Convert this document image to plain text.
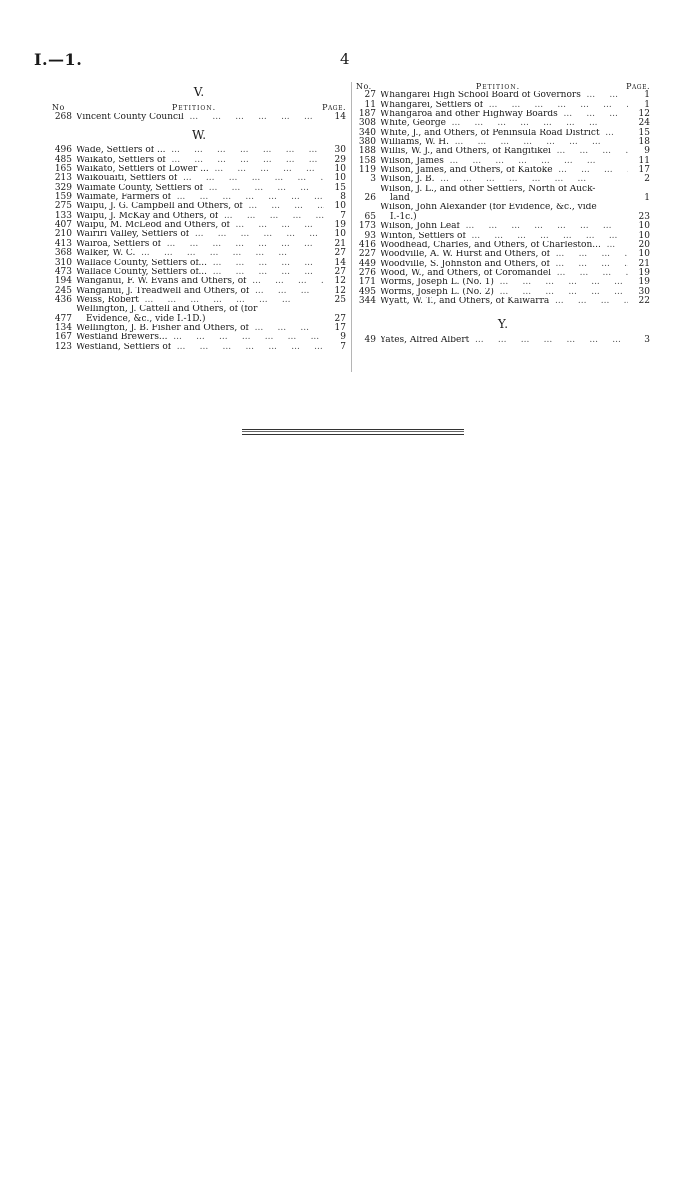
I.—1.	4
V.
No	Petition.	Page.
268 Vincent County Council ...	14
W.
496 Wade, Settlers of ... ...	30
485 Waikato, Settlers of ...	29
165 Waikato, Settlers of Lower ... ...	10
213 Waikouaiti, Settlers of ...	10
329 Waimate County, Settlers of ...	15
159 Waimate, Farmers of ...	8
275 Waipu, J. G. Campbell and Others, of ...	10
133 Waipu, J. McKay and Others, of ...	7
407 Waipu, M. McLeod and Others, of ...	19
210 Wairiri Valley, Settlers of ...	10
413 Wairoa, Settlers of ...	21
368 Walker, W. C. ...	27
310 Wallace County, Settlers of... ...	14
473 Wallace County, Settlers of... ...	27
194 Wanganui, F. W. Evans and Others, of ...	12
245 Wanganui, J. Treadwell and Others, of ...	12
436 Weiss, Robert ...	25
477
Wellington, J. Cattell and Others, of (for
Evidence, &c., vide I.-1D.)	27
134 Wellington, J. B. Fisher and Others, of ...	17
167 Westland Brewers... ...	9
123 Westland, Settlers of ...	7
No.	Petition.	Page.
27 Whangarei High School Board of Governors ...	1
11 Whangarei, Settlers of ...	1
187 Whangaroa and other Highway Boards ...	12
308 White, George ...	24
340 White, J., and Others, of Peninsula Road District ...	15
380 Williams, W. H. ...	18
188 Willis, W. J., and Others, of Rangitikei ...	9
158 Wilson, James ...	11
119 Wilson, James, and Others, of Kaitoke ...	17
3 Wilson, J. B. ...	2
26
Wilson, J. L., and other Settlers, North of Auck-
land	1
65
Wilson, John Alexander (for Evidence, &c., vide
I.-1c.)	23
173 Wilson, John Leaf ...	10
93 Winton, Settlers of ...	10
416 Woodhead, Charles, and Others, of Charleston... ...	20
227 Woodville, A. W. Hurst and Others, of ...	10
449 Woodville, S. Johnston and Others, of ...	21
276 Wood, W., and Others, of Coromandel ...	19
171 Worms, Joseph L. (No. 1) ...	19
495 Worms, Joseph L. (No. 2) ...	30
344 Wyatt, W. T., and Others, of Kaiwarra ...	22
Y.
49 Yates, Alfred Albert ...	3
